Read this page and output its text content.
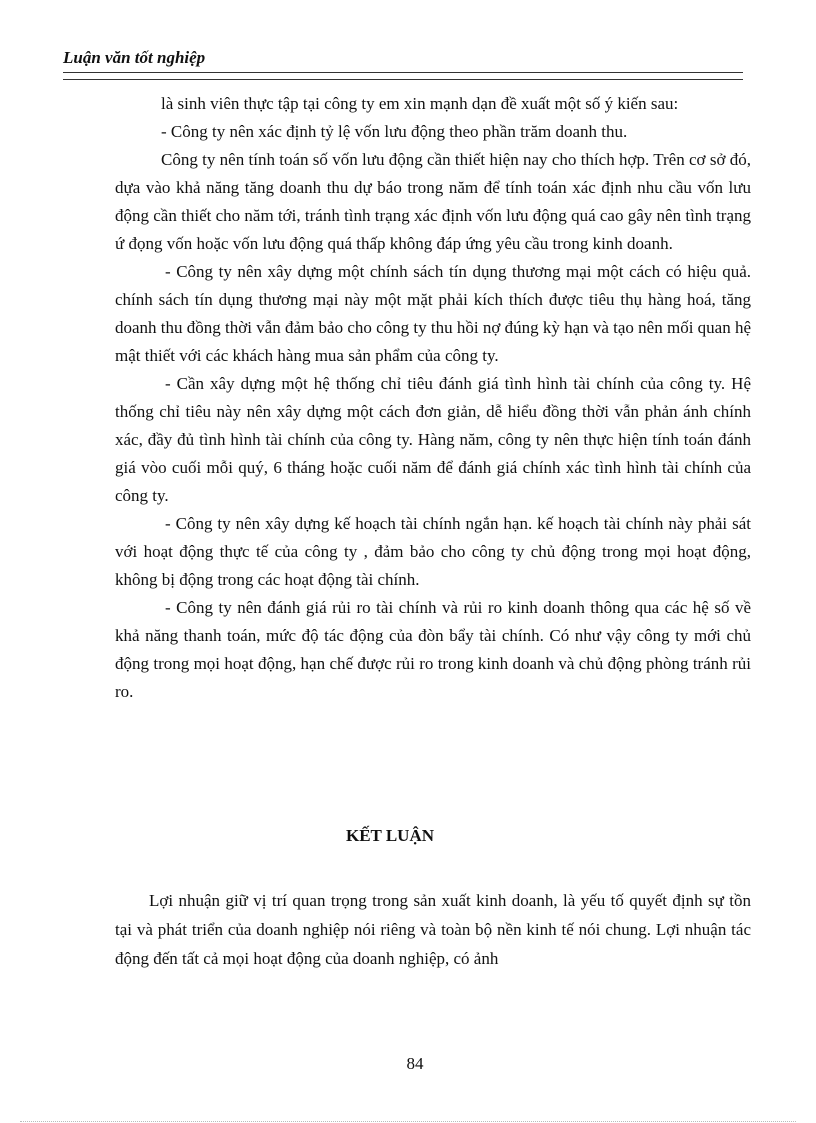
Luận văn tốt nghiệp

là sinh viên thực tập tại công ty em xin mạnh dạn đề xuất một số ý kiến sau:

- Công ty nên xác định tỷ lệ vốn lưu động theo phần trăm doanh thu.

Công ty nên tính toán số vốn lưu động cần thiết hiện nay cho thích hợp. Trên cơ sở đó, dựa vào khả năng tăng doanh thu dự báo trong năm để tính toán xác định nhu cầu vốn lưu động cần thiết cho năm tới, tránh tình trạng xác định vốn lưu động quá cao gây nên tình trạng ứ đọng vốn hoặc vốn lưu động quá thấp không đáp ứng yêu cầu trong kinh doanh.

- Công ty nên xây dựng một chính sách tín dụng thương mại một cách có hiệu quả. chính sách tín dụng thương mại này một mặt phải kích thích được tiêu thụ hàng hoá, tăng doanh thu đồng thời vẫn đảm bảo cho công ty thu hồi nợ đúng kỳ hạn và tạo nên mối quan hệ mật thiết với các khách hàng mua sản phẩm của công ty.

- Cần xây dựng một hệ thống chỉ tiêu đánh giá tình hình tài chính của công ty. Hệ thống chỉ tiêu này nên xây dựng một cách đơn giản, dễ hiểu đồng thời vẫn phản ánh chính xác, đầy đủ tình hình tài chính của công ty. Hàng năm, công ty nên thực hiện tính toán đánh giá vòo cuối mỗi quý, 6 tháng hoặc cuối năm để đánh giá chính xác tình hình tài chính của công ty.

- Công ty nên xây dựng kế hoạch tài chính ngắn hạn. kế hoạch tài chính này phải sát với hoạt động thực tế của công ty , đảm bảo cho công ty chủ động trong mọi hoạt động, không bị động trong các hoạt động tài chính.

- Công ty nên đánh giá rủi ro tài chính và rủi ro kinh doanh thông qua các hệ số về khả năng thanh toán, mức độ tác động của đòn bẩy tài chính. Có như vậy công ty mới chủ động trong mọi hoạt động, hạn chế được rủi ro trong kinh doanh và chủ động phòng tránh rủi ro.

KẾT LUẬN

Lợi nhuận giữ vị trí quan trọng trong sản xuất kinh doanh, là yếu tố quyết định sự tồn tại và phát triển của doanh nghiệp nói riêng và toàn bộ nền kinh tế nói chung. Lợi nhuận tác động đến tất cả mọi hoạt động của doanh nghiệp, có ảnh

84
